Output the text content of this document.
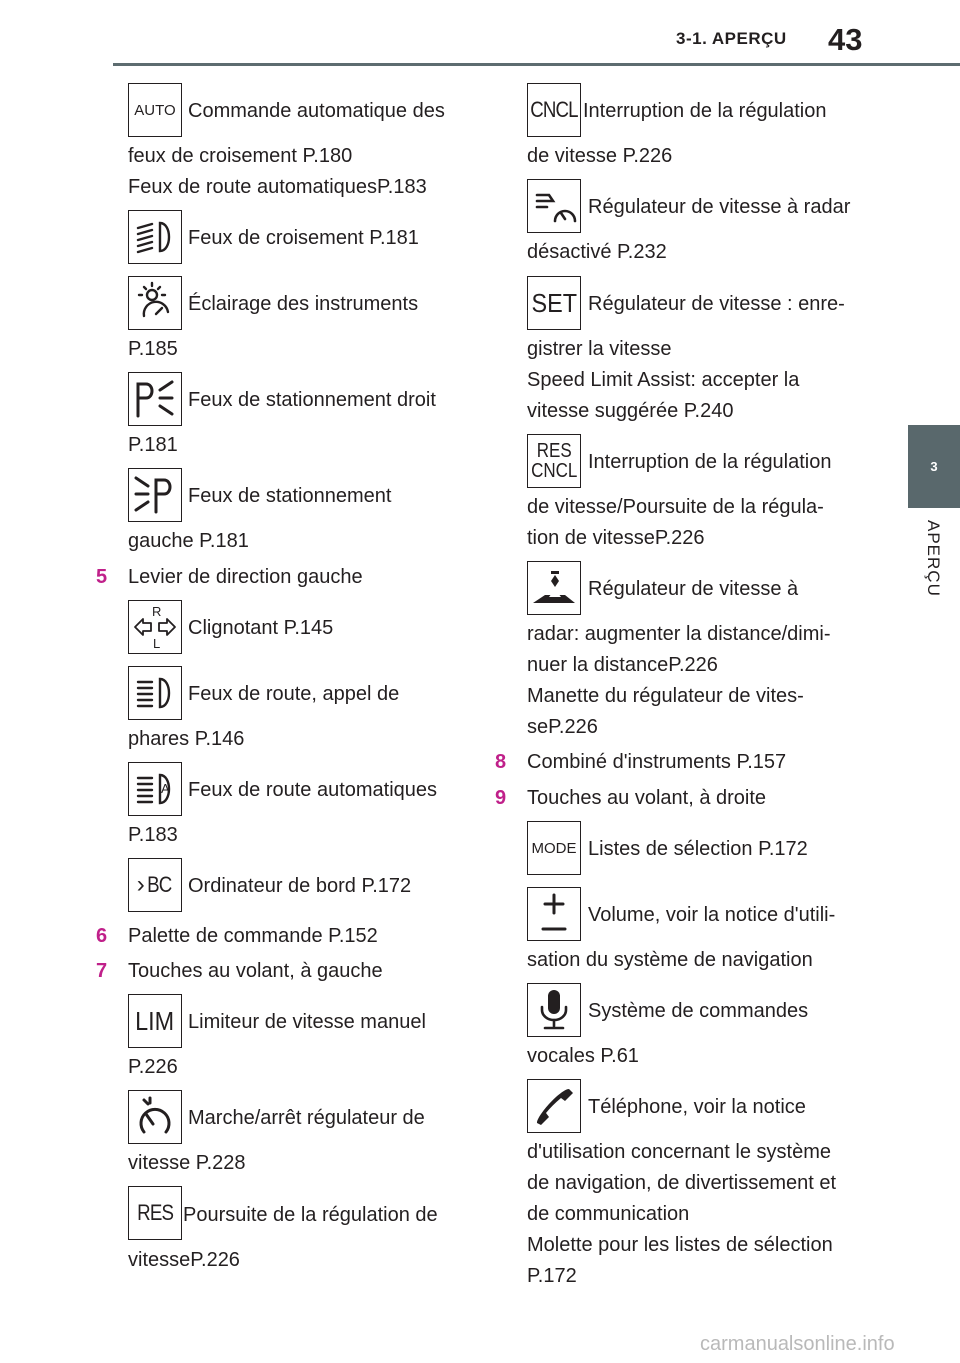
3-1. APERÇU 43
3
APERÇU
AUTO Commande automatique des
feux de croisement P.180
Feux de route automatiquesP.183
Feux de croisement P.181
Éclairage des instruments
P.185
Feux de stationnement droit
P.181
Feux de stationnement
gauche P.181
5 Levier de direction gauche
R
L
Clignotant P.145
Feux de route, appel de
phares P.146
A Feux de route automatiques
P.183
› BC Ordinateur de bord P.172
6 Palette de commande P.152
7 Touches au volant, à gauche
LIM Limiteur de vitesse manuel
P.226
Marche/arrêt régulateur de
vitesse P.228
RES Poursuite de la régulation de
vitesseP.226
CNCL Interruption de la régulation
de vitesse P.226
Régulateur de vitesse à radar
désactivé P.232
SET Régulateur de vitesse : enre-
gistrer la vitesse
Speed Limit Assist: accepter la
vitesse suggérée P.240
RES
CNCL Interruption de la régulation
de vitesse/Poursuite de la régula-
tion de vitesseP.226
Régulateur de vitesse à
radar: augmenter la distance/dimi-
nuer la distanceP.226
Manette du régulateur de vites-
seP.226
8 Combiné d'instruments P.157
9 Touches au volant, à droite
MODE Listes de sélection P.172
Volume, voir la notice d'utili-
sation du système de navigation
Système de commandes
vocales P.61
Téléphone, voir la notice
d'utilisation concernant le système
de navigation, de divertissement et
de communication
Molette pour les listes de sélection
P.172
carmanualsonline.info
